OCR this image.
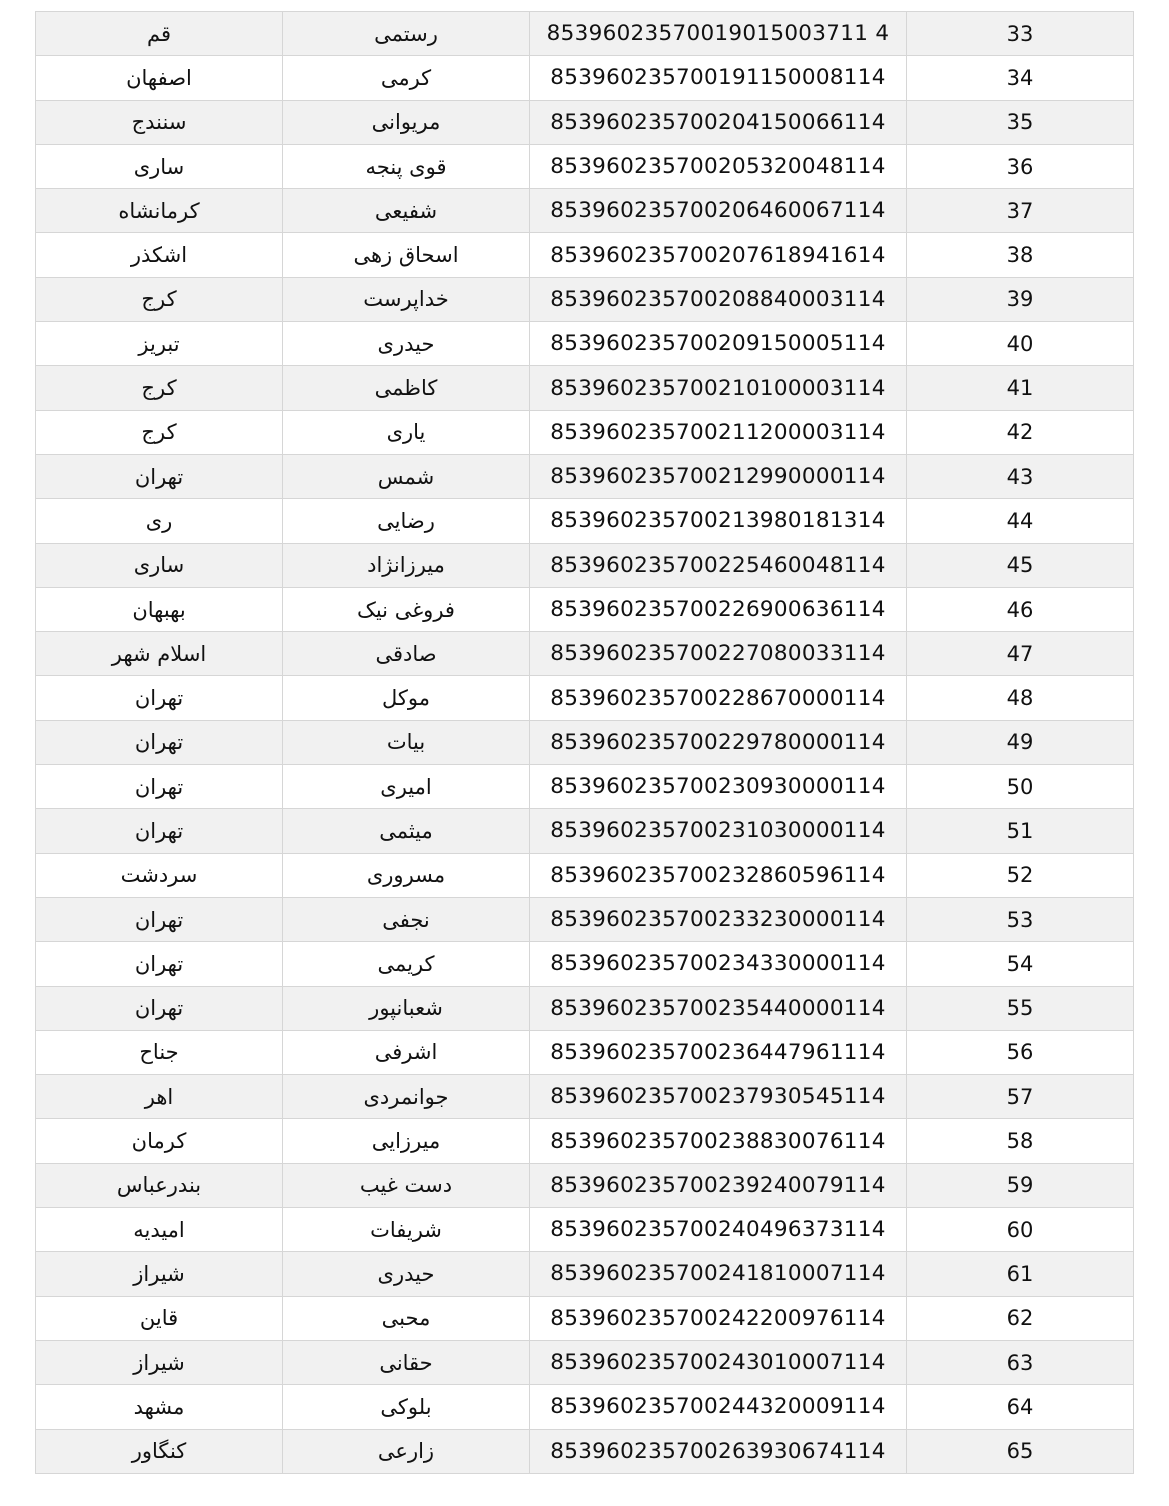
33	85396023570019015003711 4	رستمی	قم
34	853960235700191150008114	کرمی	اصفهان
35	853960235700204150066114	مریوانی	سنندج
36	853960235700205320048114	قوی پنجه	ساری
37	853960235700206460067114	شفیعی	کرمانشاه
38	853960235700207618941614	اسحاق زهی	اشکذر
39	853960235700208840003114	خداپرست	کرج
40	853960235700209150005114	حیدری	تبریز
41	853960235700210100003114	کاظمی	کرج
42	853960235700211200003114	یاری	کرج
43	853960235700212990000114	شمس	تهران
44	853960235700213980181314	رضایی	ری
45	853960235700225460048114	میرزانژاد	ساری
46	853960235700226900636114	فروغی نیک	بهبهان
47	853960235700227080033114	صادقی	اسلام شهر
48	853960235700228670000114	موکل	تهران
49	853960235700229780000114	بیات	تهران
50	853960235700230930000114	امیری	تهران
51	853960235700231030000114	میثمی	تهران
52	853960235700232860596114	مسروری	سردشت
53	853960235700233230000114	نجفی	تهران
54	853960235700234330000114	کریمی	تهران
55	853960235700235440000114	شعبانپور	تهران
56	853960235700236447961114	اشرفی	جناح
57	853960235700237930545114	جوانمردی	اهر
58	853960235700238830076114	میرزایی	کرمان
59	853960235700239240079114	دست غیب	بندرعباس
60	853960235700240496373114	شریفات	امیدیه
61	853960235700241810007114	حیدری	شیراز
62	853960235700242200976114	محبی	قاین
63	853960235700243010007114	حقانی	شیراز
64	853960235700244320009114	بلوکی	مشهد
65	853960235700263930674114	زارعی	کنگاور
